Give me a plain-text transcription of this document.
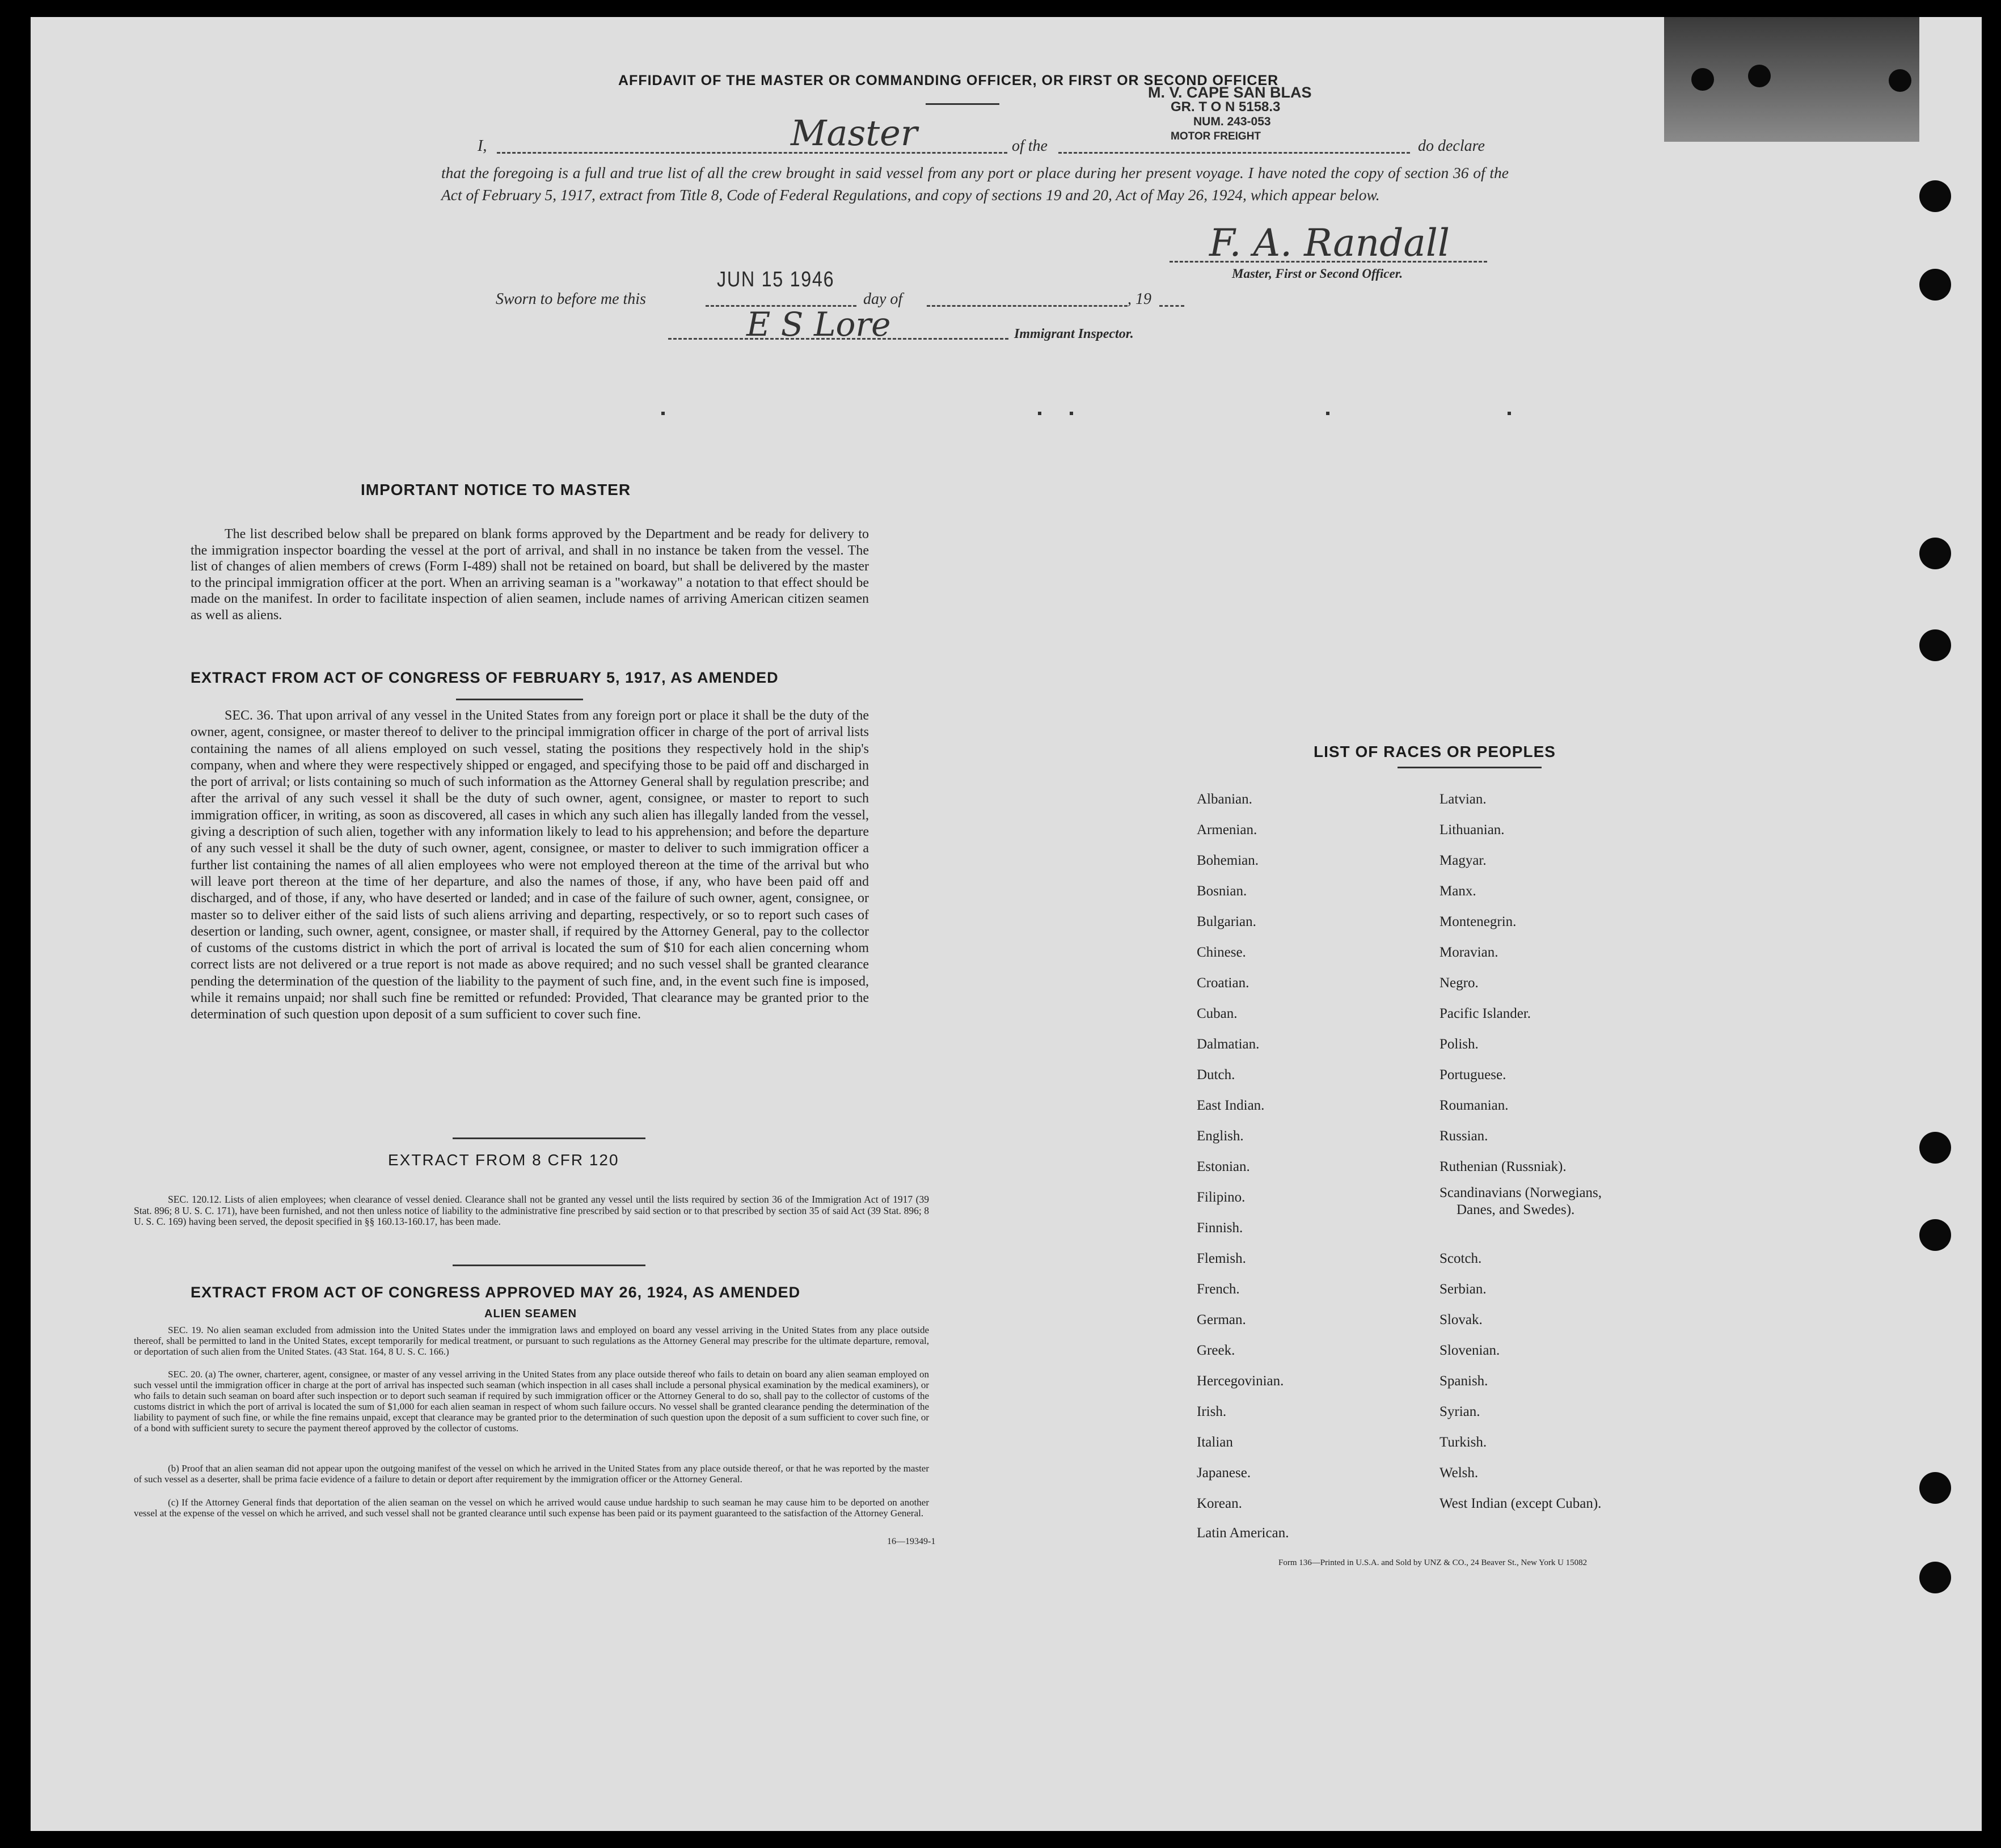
AFFIDAVIT OF THE MASTER OR COMMANDING OFFICER, OR FIRST OR SECOND OFFICER
M. V. CAPE SAN BLAS
GR. T O N 5158.3
NUM. 243-053
MOTOR FREIGHT
I,	Master	of the	do declare
that the foregoing is a full and true list of all the crew brought in said vessel from any port or place during her present voyage. I have noted the copy of section 36 of the Act of February 5, 1917, extract from Title 8, Code of Federal Regulations, and copy of sections 19 and 20, Act of May 26, 1924, which appear below.
F. A. Randall
Master, First or Second Officer.
Sworn to before me this
JUN 15 1946
day of	, 19
E S Lore	Immigrant Inspector.
IMPORTANT NOTICE TO MASTER
The list described below shall be prepared on blank forms approved by the Department and be ready for delivery to the immigration inspector boarding the vessel at the port of arrival, and shall in no instance be taken from the vessel. The list of changes of alien members of crews (Form I-489) shall not be retained on board, but shall be delivered by the master to the principal immigration officer at the port. When an arriving seaman is a "workaway" a notation to that effect should be made on the manifest. In order to facilitate inspection of alien seamen, include names of arriving American citizen seamen as well as aliens.
EXTRACT FROM ACT OF CONGRESS OF FEBRUARY 5, 1917, AS AMENDED
SEC. 36. That upon arrival of any vessel in the United States from any foreign port or place it shall be the duty of the owner, agent, consignee, or master thereof to deliver to the principal immigration officer in charge of the port of arrival lists containing the names of all aliens employed on such vessel, stating the positions they respectively hold in the ship's company, when and where they were respectively shipped or engaged, and specifying those to be paid off and discharged in the port of arrival; or lists containing so much of such information as the Attorney General shall by regulation prescribe; and after the arrival of any such vessel it shall be the duty of such owner, agent, consignee, or master to report to such immigration officer, in writing, as soon as discovered, all cases in which any such alien has illegally landed from the vessel, giving a description of such alien, together with any information likely to lead to his apprehension; and before the departure of any such vessel it shall be the duty of such owner, agent, consignee, or master to deliver to such immigration officer a further list containing the names of all alien employees who were not employed thereon at the time of the arrival but who will leave port thereon at the time of her departure, and also the names of those, if any, who have been paid off and discharged, and of those, if any, who have deserted or landed; and in case of the failure of such owner, agent, consignee, or master so to deliver either of the said lists of such aliens arriving and departing, respectively, or so to report such cases of desertion or landing, such owner, agent, consignee, or master shall, if required by the Attorney General, pay to the collector of customs of the customs district in which the port of arrival is located the sum of $10 for each alien concerning whom correct lists are not delivered or a true report is not made as above required; and no such vessel shall be granted clearance pending the determination of the question of the liability to the payment of such fine, and, in the event such fine is imposed, while it remains unpaid; nor shall such fine be remitted or refunded: Provided, That clearance may be granted prior to the determination of such question upon deposit of a sum sufficient to cover such fine.
EXTRACT FROM 8 CFR 120
SEC. 120.12. Lists of alien employees; when clearance of vessel denied. Clearance shall not be granted any vessel until the lists required by section 36 of the Immigration Act of 1917 (39 Stat. 896; 8 U. S. C. 171), have been furnished, and not then unless notice of liability to the administrative fine prescribed by said section or to that prescribed by section 35 of said Act (39 Stat. 896; 8 U. S. C. 169) having been served, the deposit specified in §§ 160.13-160.17, has been made.
EXTRACT FROM ACT OF CONGRESS APPROVED MAY 26, 1924, AS AMENDED
ALIEN SEAMEN
SEC. 19. No alien seaman excluded from admission into the United States under the immigration laws and employed on board any vessel arriving in the United States from any place outside thereof, shall be permitted to land in the United States, except temporarily for medical treatment, or pursuant to such regulations as the Attorney General may prescribe for the ultimate departure, removal, or deportation of such alien from the United States. (43 Stat. 164, 8 U. S. C. 166.)
SEC. 20. (a) The owner, charterer, agent, consignee, or master of any vessel arriving in the United States from any place outside thereof who fails to detain on board any alien seaman employed on such vessel until the immigration officer in charge at the port of arrival has inspected such seaman (which inspection in all cases shall include a personal physical examination by the medical examiners), or who fails to detain such seaman on board after such inspection or to deport such seaman if required by such immigration officer or the Attorney General to do so, shall pay to the collector of customs of the customs district in which the port of arrival is located the sum of $1,000 for each alien seaman in respect of whom such failure occurs. No vessel shall be granted clearance pending the determination of the liability to payment of such fine, or while the fine remains unpaid, except that clearance may be granted prior to the determination of such question upon the deposit of a sum sufficient to cover such fine, or of a bond with sufficient surety to secure the payment thereof approved by the collector of customs.
(b) Proof that an alien seaman did not appear upon the outgoing manifest of the vessel on which he arrived in the United States from any place outside thereof, or that he was reported by the master of such vessel as a deserter, shall be prima facie evidence of a failure to detain or deport after requirement by the immigration officer or the Attorney General.
(c) If the Attorney General finds that deportation of the alien seaman on the vessel on which he arrived would cause undue hardship to such seaman he may cause him to be deported on another vessel at the expense of the vessel on which he arrived, and such vessel shall not be granted clearance until such expense has been paid or its payment guaranteed to the satisfaction of the Attorney General.
16—19349-1
LIST OF RACES OR PEOPLES
Albanian.
Armenian.
Bohemian.
Bosnian.
Bulgarian.
Chinese.
Croatian.
Cuban.
Dalmatian.
Dutch.
East Indian.
English.
Estonian.
Filipino.
Finnish.
Flemish.
French.
German.
Greek.
Hercegovinian.
Irish.
Italian
Japanese.
Korean.
Latin American.
Latvian.
Lithuanian.
Magyar.
Manx.
Montenegrin.
Moravian.
Negro.
Pacific Islander.
Polish.
Portuguese.
Roumanian.
Russian.
Ruthenian (Russniak).
Scandinavians (Norwegians,
Danes, and Swedes).
Scotch.
Serbian.
Slovak.
Slovenian.
Spanish.
Syrian.
Turkish.
Welsh.
West Indian (except Cuban).
Form 136—Printed in U.S.A. and Sold by UNZ & CO., 24 Beaver St., New York U 15082
